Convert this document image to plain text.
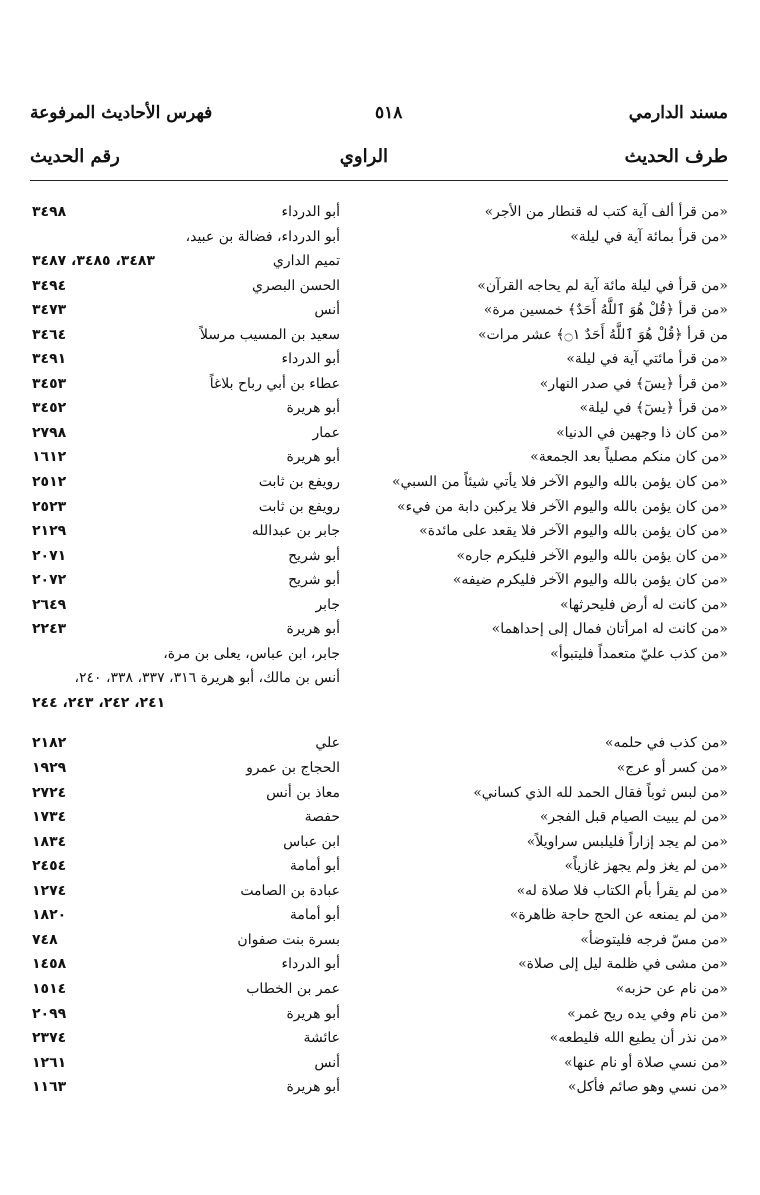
مسند الدارمي
٥١٨
فهرس الأحاديث المرفوعة
طرف الحديث
الراوي
رقم الحديث
«من قرأ ألف آية كتب له قنطار من الأجر»
أبو الدرداء
٣٤٩٨
«من قرأ بمائة آية في ليلة»
أبو الدرداء، فضالة بن عبيد،
تميم الداري
٣٤٨٣، ٣٤٨٥، ٣٤٨٧
«من قرأ في ليلة مائة آية لم يحاجه القرآن»
الحسن البصري
٣٤٩٤
«من قرأ ﴿قُلْ هُوَ ٱللَّهُ أَحَدٌ﴾ خمسين مرة»
أنس
٣٤٧٣
من قرأ ﴿قُلْ هُوَ ٱللَّهُ أَحَدٌ ۝١﴾ عشر مرات»
سعيد بن المسيب مرسلاً
٣٤٦٤
«من قرأ مائتي آية في ليلة»
أبو الدرداء
٣٤٩١
«من قرأ ﴿يسٓ﴾ في صدر النهار»
عطاء بن أبي رباح بلاغاً
٣٤٥٣
«من قرأ ﴿يسٓ﴾ في ليلة»
أبو هريرة
٣٤٥٢
«من كان ذا وجهين في الدنيا»
عمار
٢٧٩٨
«من كان منكم مصلياً بعد الجمعة»
أبو هريرة
١٦١٢
«من كان يؤمن بالله واليوم الآخر فلا يأتي شيئاً من السبي»
رويفع بن ثابت
٢٥١٢
«من كان يؤمن بالله واليوم الآخر فلا يركبن دابة من فيء»
رويفع بن ثابت
٢٥٢٣
«من كان يؤمن بالله واليوم الآخر فلا يقعد على مائدة»
جابر بن عبدالله
٢١٢٩
«من كان يؤمن بالله واليوم الآخر فليكرم جاره»
أبو شريح
٢٠٧١
«من كان يؤمن بالله واليوم الآخر فليكرم ضيفه»
أبو شريح
٢٠٧٢
«من كانت له أرض فليحرثها»
جابر
٢٦٤٩
«من كانت له امرأتان فمال إلى إحداهما»
أبو هريرة
٢٢٤٣
«من كذب عليّ متعمداً فليتبوأ»
جابر، ابن عباس، يعلى بن مرة،
أنس بن مالك، أبو هريرة ٣١٦، ٣٣٧، ٣٣٨، ٢٤٠،
٢٤١، ٢٤٢، ٢٤٣، ٢٤٤
«من كذب في حلمه»
علي
٢١٨٢
«من كسر أو عرج»
الحجاج بن عمرو
١٩٢٩
«من لبس ثوباً فقال الحمد لله الذي كساني»
معاذ بن أنس
٢٧٢٤
«من لم يبيت الصيام قبل الفجر»
حفصة
١٧٣٤
«من لم يجد إزاراً فليلبس سراويلاً»
ابن عباس
١٨٣٤
«من لم يغز ولم يجهز غازياً»
أبو أمامة
٢٤٥٤
«من لم يقرأ بأم الكتاب فلا صلاة له»
عبادة بن الصامت
١٢٧٤
«من لم يمنعه عن الحج حاجة ظاهرة»
أبو أمامة
١٨٢٠
«من مسّ فرجه فليتوضأ»
بسرة بنت صفوان
٧٤٨
«من مشى في ظلمة ليل إلى صلاة»
أبو الدرداء
١٤٥٨
«من نام عن حزبه»
عمر بن الخطاب
١٥١٤
«من نام وفي يده ريح غمر»
أبو هريرة
٢٠٩٩
«من نذر أن يطيع الله فليطعه»
عائشة
٢٣٧٤
«من نسي صلاة أو نام عنها»
أنس
١٢٦١
«من نسي وهو صائم فأكل»
أبو هريرة
١١٦٣
